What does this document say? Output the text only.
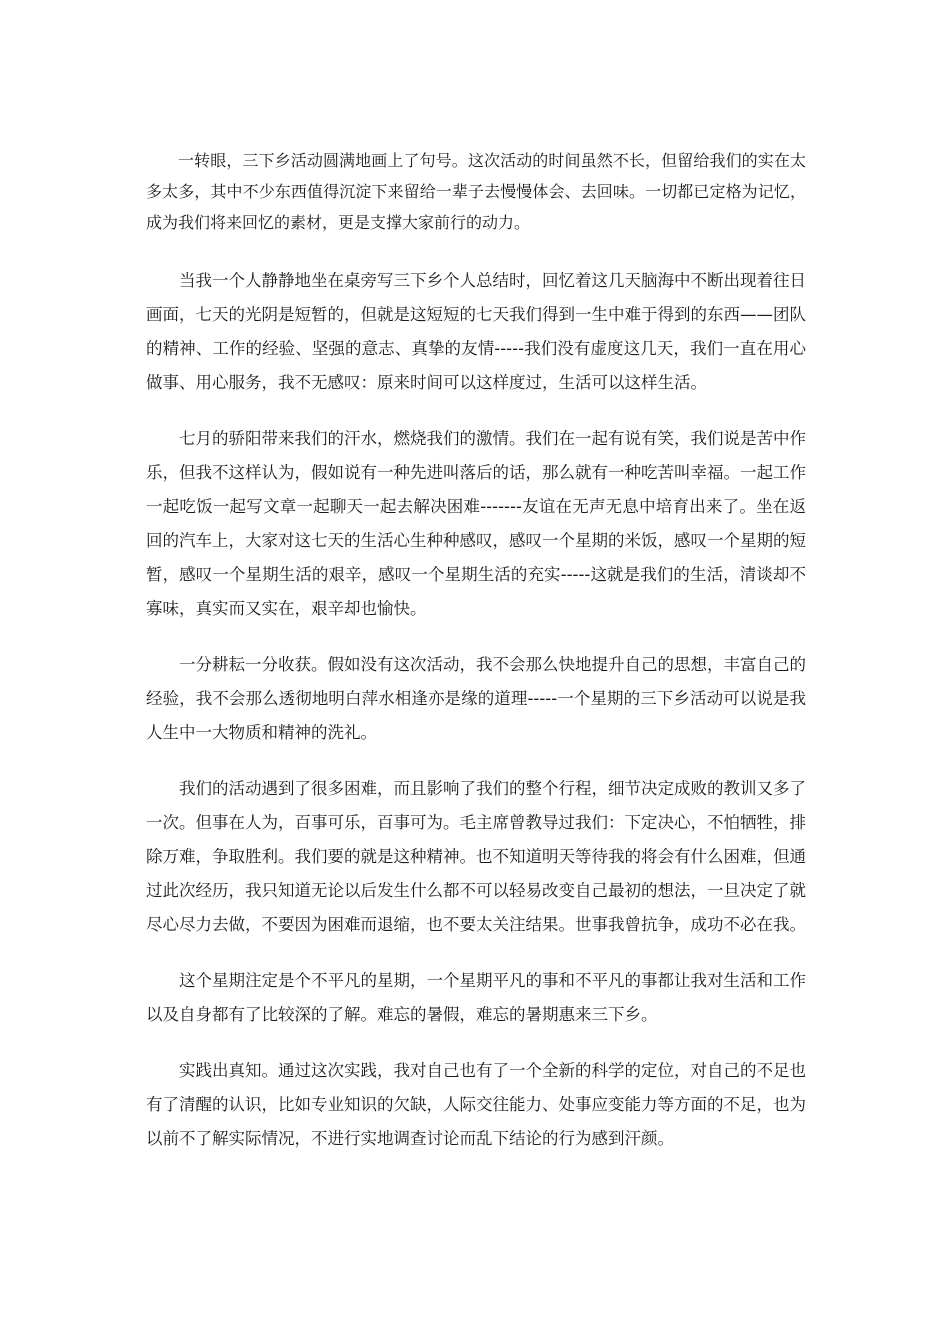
一转眼，三下乡活动圆满地画上了句号。这次活动的时间虽然不长，但留给我们的实在太多太多，其中不少东西值得沉淀下来留给一辈子去慢慢体会、去回味。一切都已定格为记忆，成为我们将来回忆的素材，更是支撑大家前行的动力。

当我一个人静静地坐在桌旁写三下乡个人总结时，回忆着这几天脑海中不断出现着往日画面，七天的光阴是短暂的，但就是这短短的七天我们得到一生中难于得到的东西——团队的精神、工作的经验、坚强的意志、真挚的友情-----我们没有虚度这几天，我们一直在用心做事、用心服务，我不无感叹：原来时间可以这样度过，生活可以这样生活。

七月的骄阳带来我们的汗水，燃烧我们的激情。我们在一起有说有笑，我们说是苦中作乐，但我不这样认为，假如说有一种先进叫落后的话，那么就有一种吃苦叫幸福。一起工作一起吃饭一起写文章一起聊天一起去解决困难-------友谊在无声无息中培育出来了。坐在返回的汽车上，大家对这七天的生活心生种种感叹，感叹一个星期的米饭，感叹一个星期的短暂，感叹一个星期生活的艰辛，感叹一个星期生活的充实-----这就是我们的生活，清谈却不寡味，真实而又实在，艰辛却也愉快。

一分耕耘一分收获。假如没有这次活动，我不会那么快地提升自己的思想，丰富自己的经验，我不会那么透彻地明白萍水相逢亦是缘的道理-----一个星期的三下乡活动可以说是我人生中一大物质和精神的洗礼。

我们的活动遇到了很多困难，而且影响了我们的整个行程，细节决定成败的教训又多了一次。但事在人为，百事可乐，百事可为。毛主席曾教导过我们：下定决心，不怕牺牲，排除万难，争取胜利。我们要的就是这种精神。也不知道明天等待我的将会有什么困难，但通过此次经历，我只知道无论以后发生什么都不可以轻易改变自己最初的想法，一旦决定了就尽心尽力去做，不要因为困难而退缩，也不要太关注结果。世事我曾抗争，成功不必在我。

这个星期注定是个不平凡的星期，一个星期平凡的事和不平凡的事都让我对生活和工作以及自身都有了比较深的了解。难忘的暑假，难忘的暑期惠来三下乡。

实践出真知。通过这次实践，我对自己也有了一个全新的科学的定位，对自己的不足也有了清醒的认识，比如专业知识的欠缺，人际交往能力、处事应变能力等方面的不足，也为以前不了解实际情况，不进行实地调查讨论而乱下结论的行为感到汗颜。
